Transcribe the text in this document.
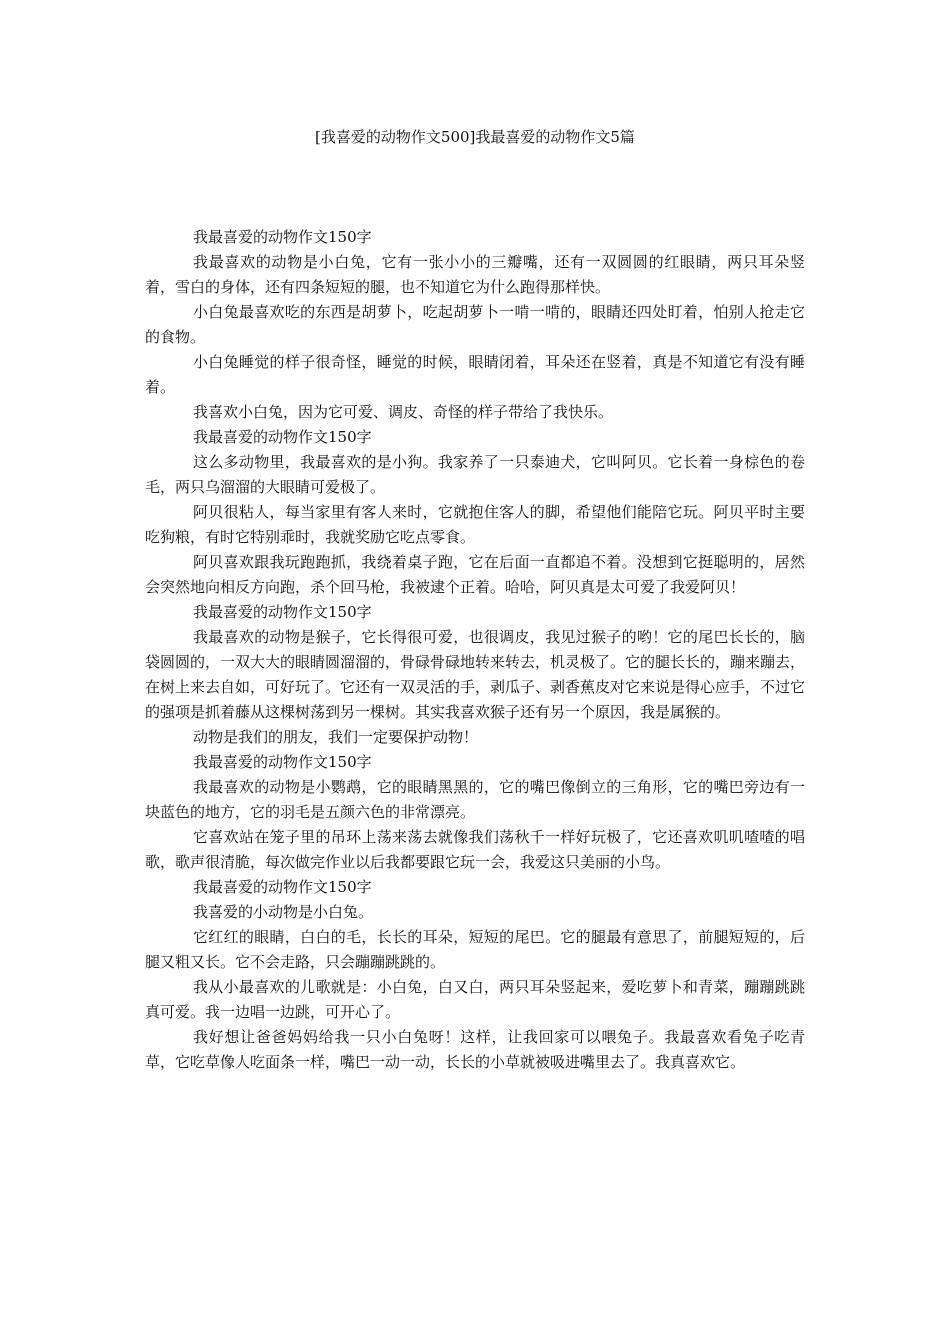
[我喜爱的动物作文500]我最喜爱的动物作文5篇

我最喜爱的动物作文150字

我最喜欢的动物是小白兔，它有一张小小的三瓣嘴，还有一双圆圆的红眼睛，两只耳朵竖着，雪白的身体，还有四条短短的腿，也不知道它为什么跑得那样快。

小白兔最喜欢吃的东西是胡萝卜，吃起胡萝卜一啃一啃的，眼睛还四处盯着，怕别人抢走它的食物。

小白兔睡觉的样子很奇怪，睡觉的时候，眼睛闭着，耳朵还在竖着，真是不知道它有没有睡着。

我喜欢小白兔，因为它可爱、调皮、奇怪的样子带给了我快乐。

我最喜爱的动物作文150字

这么多动物里，我最喜欢的是小狗。我家养了一只泰迪犬，它叫阿贝。它长着一身棕色的卷毛，两只乌溜溜的大眼睛可爱极了。

阿贝很粘人，每当家里有客人来时，它就抱住客人的脚，希望他们能陪它玩。阿贝平时主要吃狗粮，有时它特别乖时，我就奖励它吃点零食。

阿贝喜欢跟我玩跑跑抓，我绕着桌子跑，它在后面一直都追不着。没想到它挺聪明的，居然会突然地向相反方向跑，杀个回马枪，我被逮个正着。哈哈，阿贝真是太可爱了我爱阿贝！

我最喜爱的动物作文150字

我最喜欢的动物是猴子，它长得很可爱，也很调皮，我见过猴子的哟！它的尾巴长长的，脑袋圆圆的，一双大大的眼睛圆溜溜的，骨碌骨碌地转来转去，机灵极了。它的腿长长的，蹦来蹦去，在树上来去自如，可好玩了。它还有一双灵活的手，剥瓜子、剥香蕉皮对它来说是得心应手，不过它的强项是抓着藤从这棵树荡到另一棵树。其实我喜欢猴子还有另一个原因，我是属猴的。

动物是我们的朋友，我们一定要保护动物！

我最喜爱的动物作文150字

我最喜欢的动物是小鹦鹉，它的眼睛黑黑的，它的嘴巴像倒立的三角形，它的嘴巴旁边有一块蓝色的地方，它的羽毛是五颜六色的非常漂亮。

它喜欢站在笼子里的吊环上荡来荡去就像我们荡秋千一样好玩极了，它还喜欢叽叽喳喳的唱歌，歌声很清脆，每次做完作业以后我都要跟它玩一会，我爱这只美丽的小鸟。

我最喜爱的动物作文150字

我喜爱的小动物是小白兔。

它红红的眼睛，白白的毛，长长的耳朵，短短的尾巴。它的腿最有意思了，前腿短短的，后腿又粗又长。它不会走路，只会蹦蹦跳跳的。

我从小最喜欢的儿歌就是：小白兔，白又白，两只耳朵竖起来，爱吃萝卜和青菜，蹦蹦跳跳真可爱。我一边唱一边跳，可开心了。

我好想让爸爸妈妈给我一只小白兔呀！这样，让我回家可以喂兔子。我最喜欢看兔子吃青草，它吃草像人吃面条一样，嘴巴一动一动，长长的小草就被吸进嘴里去了。我真喜欢它。
